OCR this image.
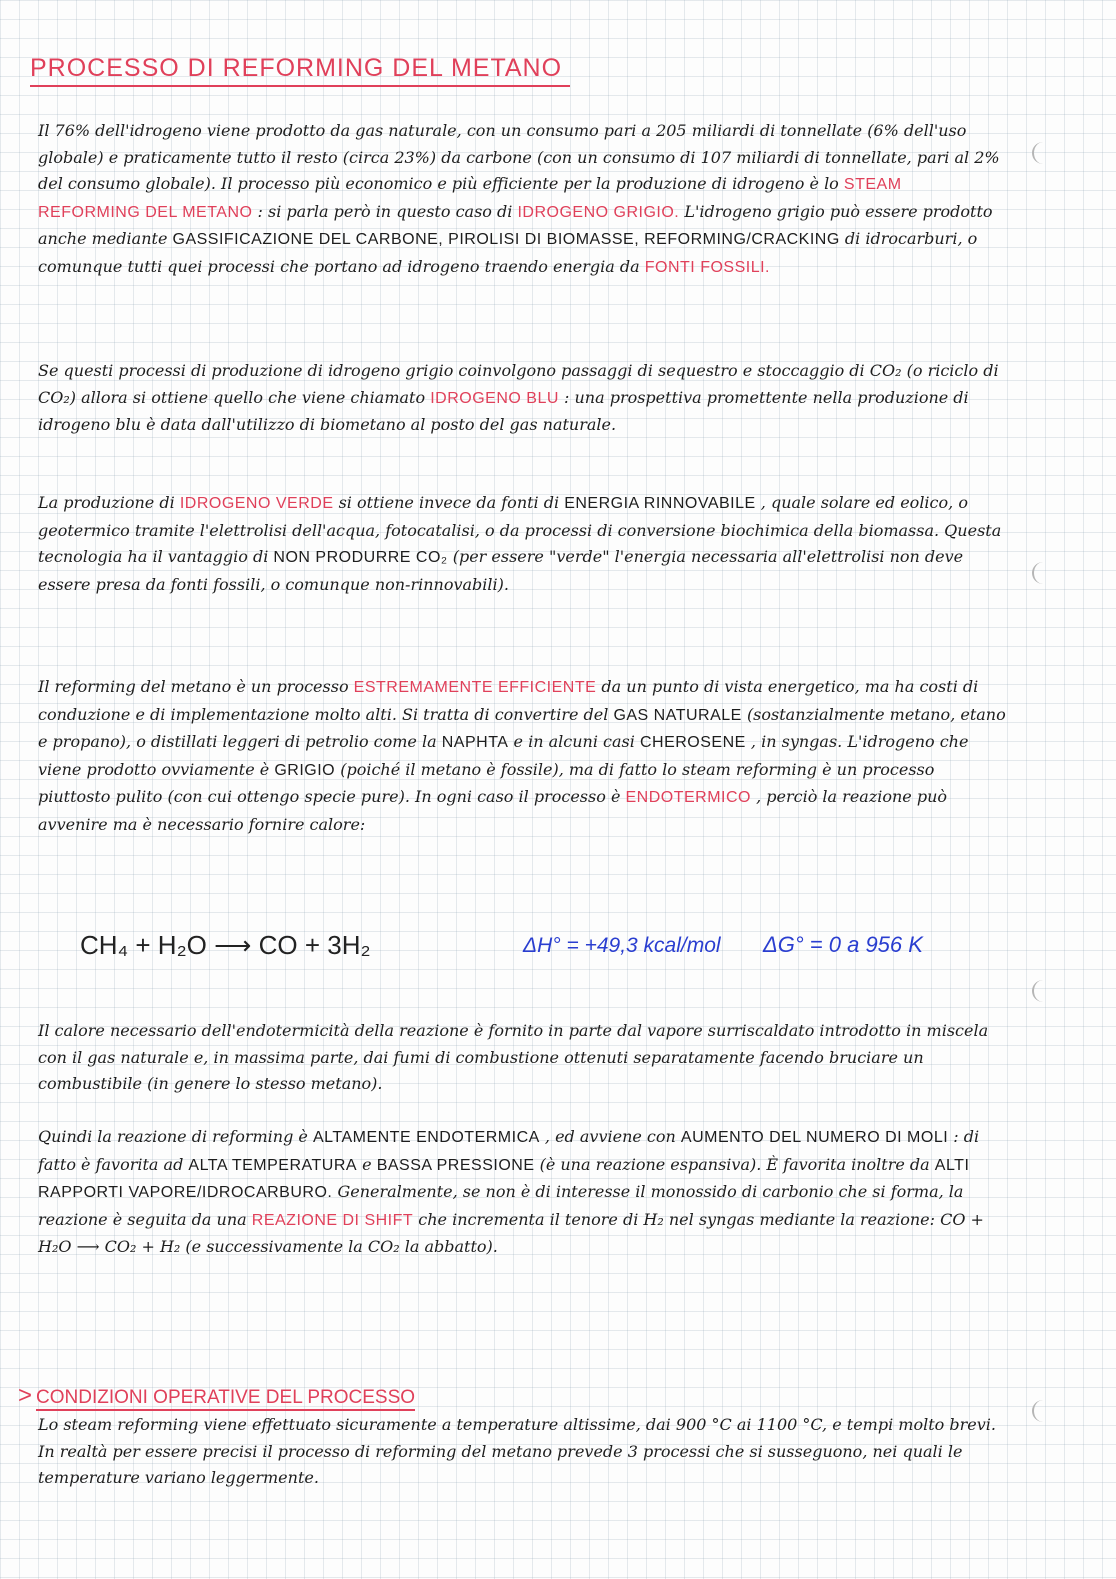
PROCESSO DI REFORMING DEL METANO

Il 76% dell'idrogeno viene prodotto da gas naturale, con un consumo pari a 205 miliardi di tonnellate (6% dell'uso globale) e praticamente tutto il resto (circa 23%) da carbone (con un consumo di 107 miliardi di tonnellate, pari al 2% del consumo globale). Il processo più economico e più efficiente per la produzione di idrogeno è lo STEAM REFORMING DEL METANO : si parla però in questo caso di IDROGENO GRIGIO. L'idrogeno grigio può essere prodotto anche mediante GASSIFICAZIONE DEL CARBONE, PIROLISI DI BIOMASSE, REFORMING/CRACKING di idrocarburi, o comunque tutti quei processi che portano ad idrogeno traendo energia da FONTI FOSSILI.

Se questi processi di produzione di idrogeno grigio coinvolgono passaggi di sequestro e stoccaggio di CO₂ (o riciclo di CO₂) allora si ottiene quello che viene chiamato IDROGENO BLU : una prospettiva promettente nella produzione di idrogeno blu è data dall'utilizzo di biometano al posto del gas naturale.

La produzione di IDROGENO VERDE si ottiene invece da fonti di ENERGIA RINNOVABILE , quale solare ed eolico, o geotermico tramite l'elettrolisi dell'acqua, fotocatalisi, o da processi di conversione biochimica della biomassa. Questa tecnologia ha il vantaggio di NON PRODURRE CO₂ (per essere "verde" l'energia necessaria all'elettrolisi non deve essere presa da fonti fossili, o comunque non-rinnovabili).

Il reforming del metano è un processo ESTREMAMENTE EFFICIENTE da un punto di vista energetico, ma ha costi di conduzione e di implementazione molto alti. Si tratta di convertire del GAS NATURALE (sostanzialmente metano, etano e propano), o distillati leggeri di petrolio come la NAPHTA e in alcuni casi CHEROSENE , in syngas. L'idrogeno che viene prodotto ovviamente è GRIGIO (poiché il metano è fossile), ma di fatto lo steam reforming è un processo piuttosto pulito (con cui ottengo specie pure). In ogni caso il processo è ENDOTERMICO , perciò la reazione può avvenire ma è necessario fornire calore:

CH₄ + H₂O ⟶ CO + 3H₂	ΔH° = +49,3 kcal/mol ΔG° = 0 a 956 K

Il calore necessario dell'endotermicità della reazione è fornito in parte dal vapore surriscaldato introdotto in miscela con il gas naturale e, in massima parte, dai fumi di combustione ottenuti separatamente facendo bruciare un combustibile (in genere lo stesso metano).

Quindi la reazione di reforming è ALTAMENTE ENDOTERMICA , ed avviene con AUMENTO DEL NUMERO DI MOLI : di fatto è favorita ad ALTA TEMPERATURA e BASSA PRESSIONE (è una reazione espansiva). È favorita inoltre da ALTI RAPPORTI VAPORE/IDROCARBURO. Generalmente, se non è di interesse il monossido di carbonio che si forma, la reazione è seguita da una REAZIONE DI SHIFT che incrementa il tenore di H₂ nel syngas mediante la reazione: CO + H₂O ⟶ CO₂ + H₂ (e successivamente la CO₂ la abbatto).

> CONDIZIONI OPERATIVE DEL PROCESSO

Lo steam reforming viene effettuato sicuramente a temperature altissime, dai 900 °C ai 1100 °C, e tempi molto brevi. In realtà per essere precisi il processo di reforming del metano prevede 3 processi che si susseguono, nei quali le temperature variano leggermente.
